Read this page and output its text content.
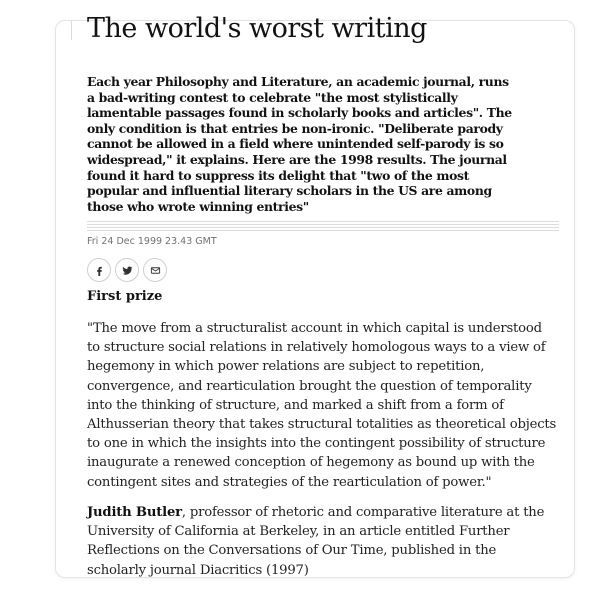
The world's worst writing

Each year Philosophy and Literature, an academic journal, runs a bad-writing contest to celebrate "the most stylistically lamentable passages found in scholarly books and articles". The only condition is that entries be non-ironic. "Deliberate parody cannot be allowed in a field where unintended self-parody is so widespread," it explains. Here are the 1998 results. The journal found it hard to suppress its delight that "two of the most popular and influential literary scholars in the US are among those who wrote winning entries"

Fri 24 Dec 1999 23.43 GMT

First prize

"The move from a structuralist account in which capital is understood to structure social relations in relatively homologous ways to a view of hegemony in which power relations are subject to repetition, convergence, and rearticulation brought the question of temporality into the thinking of structure, and marked a shift from a form of Althusserian theory that takes structural totalities as theoretical objects to one in which the insights into the contingent possibility of structure inaugurate a renewed conception of hegemony as bound up with the contingent sites and strategies of the rearticulation of power."

Judith Butler, professor of rhetoric and comparative literature at the University of California at Berkeley, in an article entitled Further Reflections on the Conversations of Our Time, published in the scholarly journal Diacritics (1997)
